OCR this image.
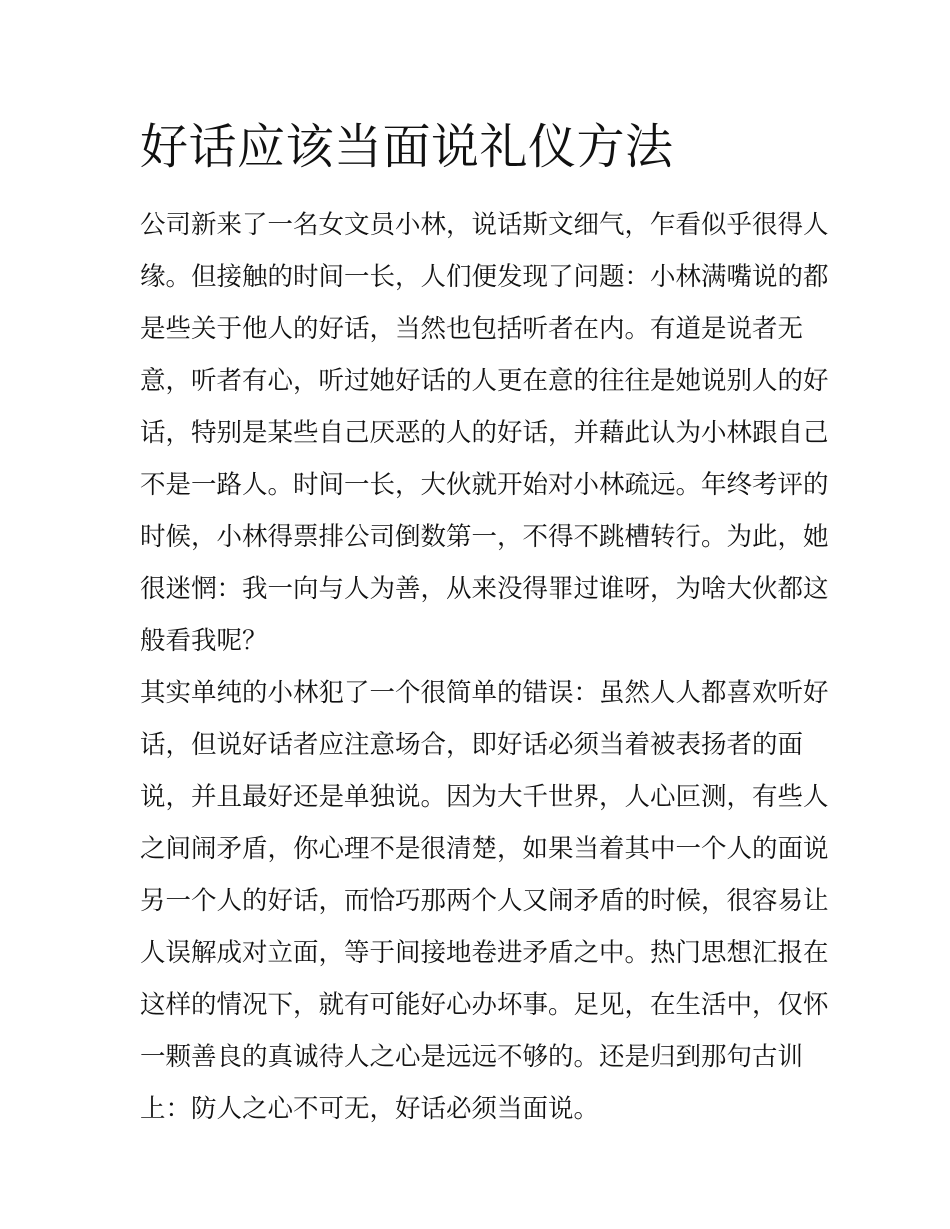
好话应该当面说礼仪方法
公司新来了一名女文员小林，说话斯文细气，乍看似乎很得人
缘。但接触的时间一长，人们便发现了问题：小林满嘴说的都
是些关于他人的好话，当然也包括听者在内。有道是说者无
意，听者有心，听过她好话的人更在意的往往是她说别人的好
话，特别是某些自己厌恶的人的好话，并藉此认为小林跟自己
不是一路人。时间一长，大伙就开始对小林疏远。年终考评的
时候，小林得票排公司倒数第一，不得不跳槽转行。为此，她
很迷惘：我一向与人为善，从来没得罪过谁呀，为啥大伙都这
般看我呢？
其实单纯的小林犯了一个很简单的错误：虽然人人都喜欢听好
话，但说好话者应注意场合，即好话必须当着被表扬者的面
说，并且最好还是单独说。因为大千世界，人心叵测，有些人
之间闹矛盾，你心理不是很清楚，如果当着其中一个人的面说
另一个人的好话，而恰巧那两个人又闹矛盾的时候，很容易让
人误解成对立面，等于间接地卷进矛盾之中。热门思想汇报在
这样的情况下，就有可能好心办坏事。足见，在生活中，仅怀
一颗善良的真诚待人之心是远远不够的。还是归到那句古训
上：防人之心不可无，好话必须当面说。
